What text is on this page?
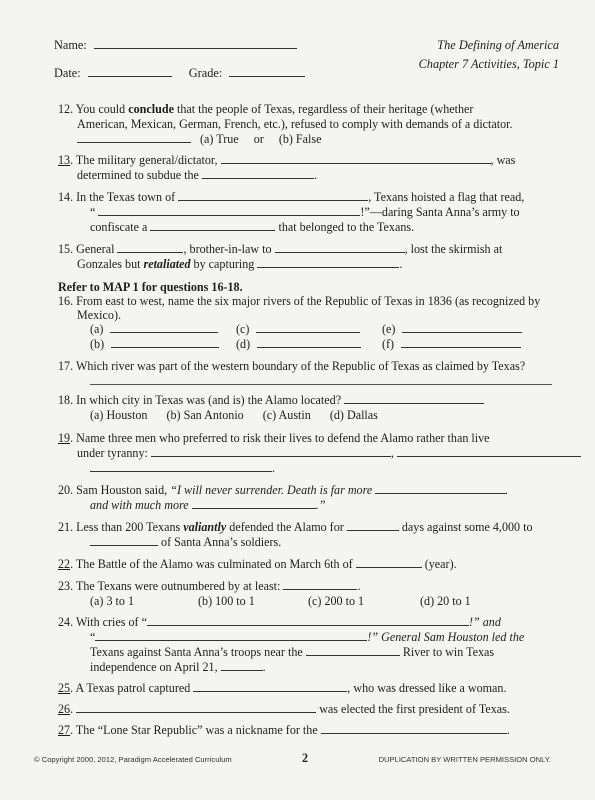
Name:
Date:	Grade:
The Defining of America
Chapter 7 Activities, Topic 1
12. You could conclude that the people of Texas, regardless of their heritage (whether
American, Mexican, German, French, etc.), refused to comply with demands of a dictator.
(a) True or (b) False
13. The military general/dictator,	, was
determined to subdue the	.
14. In the Texas town of	, Texans hoisted a flag that read,
“	!”—daring Santa Anna’s army to
confiscate a	that belonged to the Texans.
15. General	, brother-in-law to	, lost the skirmish at
Gonzales but retaliated by capturing	.
Refer to MAP 1 for questions 16-18.
16. From east to west, name the six major rivers of the Republic of Texas in 1836 (as recognized by
Mexico).
(a)	(c)	(e)
(b)	(d)	(f)
17. Which river was part of the western boundary of the Republic of Texas as claimed by Texas?
18. In which city in Texas was (and is) the Alamo located?
(a) Houston (b) San Antonio (c) Austin (d) Dallas
19. Name three men who preferred to risk their lives to defend the Alamo rather than live
under tyranny:	,
.
20. Sam Houston said, “I will never surrender. Death is far more
and with much more	.”
21. Less than 200 Texans valiantly defended the Alamo for	days against some 4,000 to
of Santa Anna’s soldiers.
22. The Battle of the Alamo was culminated on March 6th of	(year).
23. The Texans were outnumbered by at least:	.
(a) 3 to 1	(b) 100 to 1	(c) 200 to 1	(d) 20 to 1
24. With cries of “	!” and
“	!” General Sam Houston led the
Texans against Santa Anna’s troops near the	River to win Texas
independence on April 21,	.
25. A Texas patrol captured	, who was dressed like a woman.
26.	was elected the first president of Texas.
27. The “Lone Star Republic” was a nickname for the	.
© Copyright 2000, 2012, Paradigm Accelerated Curriculum	2	DUPLICATION BY WRITTEN PERMISSION ONLY.
